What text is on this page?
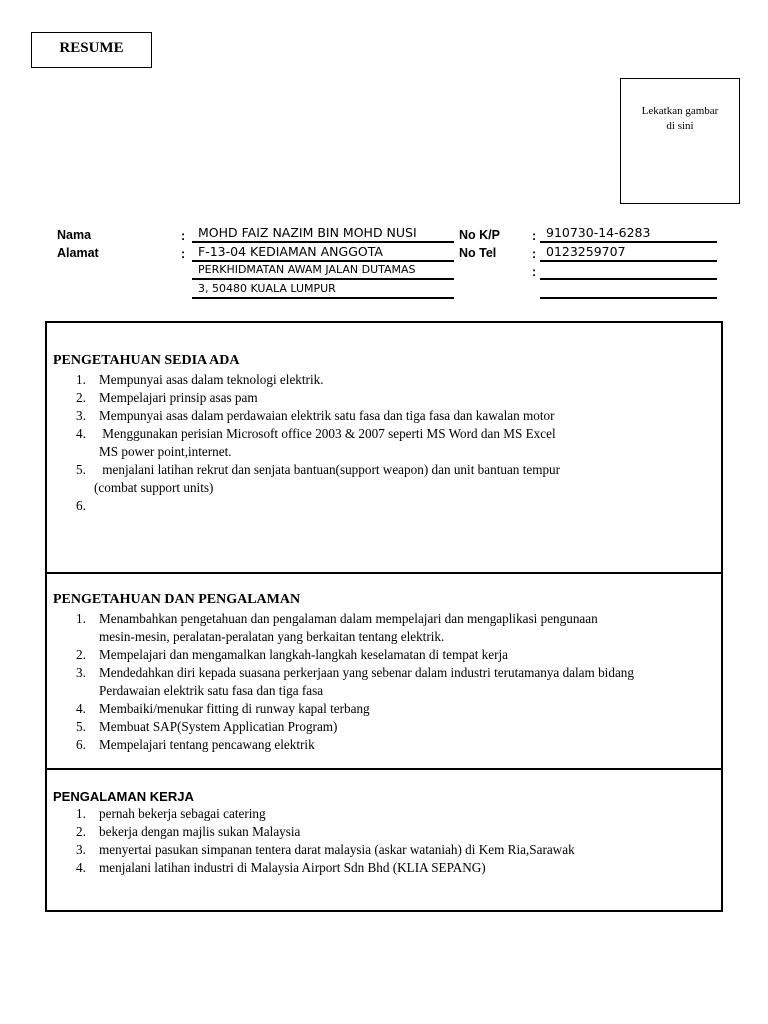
RESUME
Lekatkan gambar
di sini
Nama	:	MOHD FAIZ NAZIM BIN MOHD NUSI
Alamat	:	F-13-04 KEDIAMAN ANGGOTA
PERKHIDMATAN AWAM JALAN DUTAMAS
3, 50480 KUALA LUMPUR
No K/P	: 910730-14-6283
No Tel	: 0123259707
:
PENGETAHUAN SEDIA ADA
1. Mempunyai asas dalam teknologi elektrik.
2. Mempelajari prinsip asas pam
3. Mempunyai asas dalam perdawaian elektrik satu fasa dan tiga fasa dan kawalan motor
4. Menggunakan perisian Microsoft office 2003 & 2007 seperti MS Word dan MS Excel
MS power point,internet.
5. menjalani latihan rekrut dan senjata bantuan(support weapon) dan unit bantuan tempur
(combat support units)
6.
PENGETAHUAN DAN PENGALAMAN
1. Menambahkan pengetahuan dan pengalaman dalam mempelajari dan mengaplikasi pengunaan
mesin-mesin, peralatan-peralatan yang berkaitan tentang elektrik.
2. Mempelajari dan mengamalkan langkah-langkah keselamatan di tempat kerja
3. Mendedahkan diri kepada suasana perkerjaan yang sebenar dalam industri terutamanya dalam bidang
Perdawaian elektrik satu fasa dan tiga fasa
4. Membaiki/menukar fitting di runway kapal terbang
5. Membuat SAP(System Applicatian Program)
6. Mempelajari tentang pencawang elektrik
PENGALAMAN KERJA
1. pernah bekerja sebagai catering
2. bekerja dengan majlis sukan Malaysia
3. menyertai pasukan simpanan tentera darat malaysia (askar wataniah) di Kem Ria,Sarawak
4. menjalani latihan industri di Malaysia Airport Sdn Bhd (KLIA SEPANG)
